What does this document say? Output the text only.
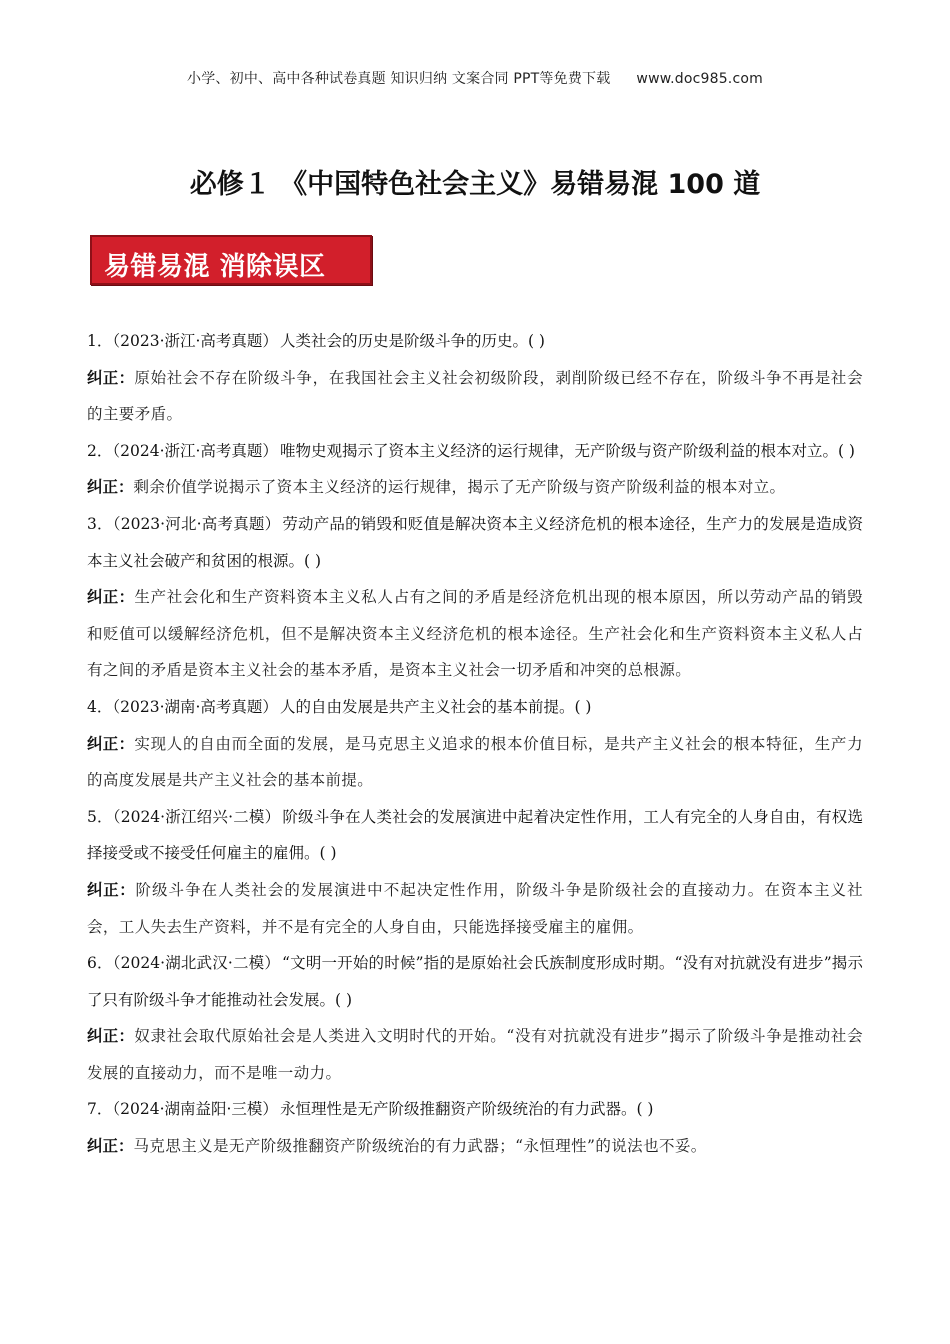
小学、初中、高中各种试卷真题 知识归纳 文案合同 PPT等免费下载 www.doc985.com
必修１ 《中国特色社会主义》易错易混 100 道
易错易混 消除误区

1．（2023·浙江·高考真题） 人类社会的历史是阶级斗争的历史。( )

纠正：原始社会不存在阶级斗争，在我国社会主义社会初级阶段，剥削阶级已经不存在，阶级斗争不再是社会的主要矛盾。

2．（2024·浙江·高考真题） 唯物史观揭示了资本主义经济的运行规律，无产阶级与资产阶级利益的根本对立。( )

纠正：剩余价值学说揭示了资本主义经济的运行规律，揭示了无产阶级与资产阶级利益的根本对立。

3．（2023·河北·高考真题） 劳动产品的销毁和贬值是解决资本主义经济危机的根本途径，生产力的发展是造成资本主义社会破产和贫困的根源。( )

纠正：生产社会化和生产资料资本主义私人占有之间的矛盾是经济危机出现的根本原因，所以劳动产品的销毁和贬值可以缓解经济危机，但不是解决资本主义经济危机的根本途径。生产社会化和生产资料资本主义私人占有之间的矛盾是资本主义社会的基本矛盾，是资本主义社会一切矛盾和冲突的总根源。

4．（2023·湖南·高考真题） 人的自由发展是共产主义社会的基本前提。( )

纠正：实现人的自由而全面的发展，是马克思主义追求的根本价值目标，是共产主义社会的根本特征，生产力的高度发展是共产主义社会的基本前提。

5．（2024·浙江绍兴·二模） 阶级斗争在人类社会的发展演进中起着决定性作用，工人有完全的人身自由，有权选择接受或不接受任何雇主的雇佣。( )

纠正：阶级斗争在人类社会的发展演进中不起决定性作用，阶级斗争是阶级社会的直接动力。在资本主义社会，工人失去生产资料，并不是有完全的人身自由，只能选择接受雇主的雇佣。

6．（2024·湖北武汉·二模） “文明一开始的时候”指的是原始社会氏族制度形成时期。“没有对抗就没有进步”揭示了只有阶级斗争才能推动社会发展。( )

纠正：奴隶社会取代原始社会是人类进入文明时代的开始。“没有对抗就没有进步”揭示了阶级斗争是推动社会发展的直接动力，而不是唯一动力。

7．（2024·湖南益阳·三模） 永恒理性是无产阶级推翻资产阶级统治的有力武器。( )

纠正：马克思主义是无产阶级推翻资产阶级统治的有力武器；“永恒理性”的说法也不妥。
